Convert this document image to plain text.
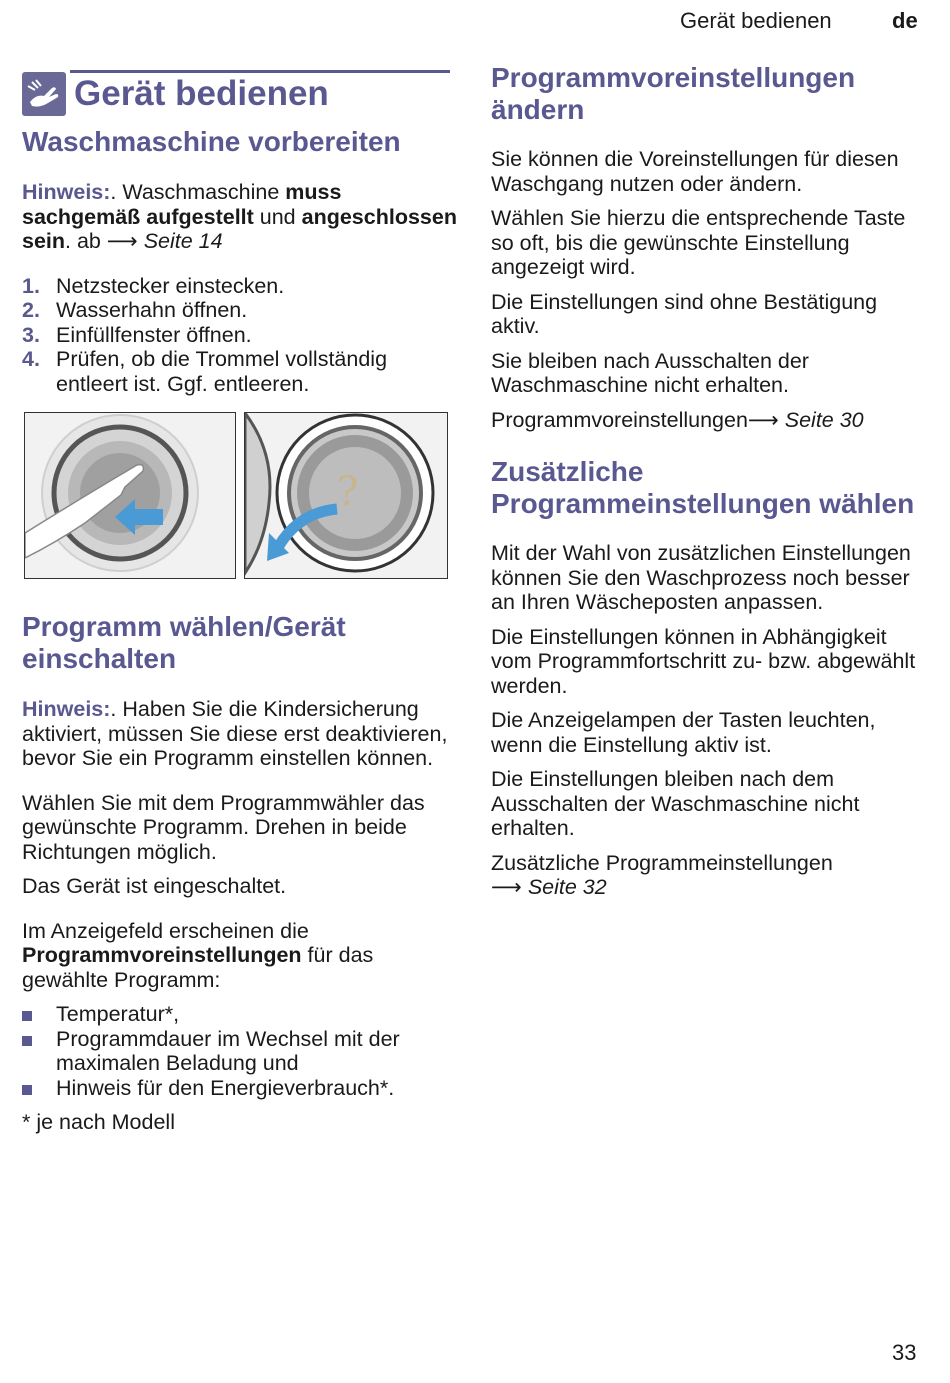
Gerät bedienen	de
Gerät bedienen
Waschmaschine vorbereiten

Hinweis:. Waschmaschine muss sachgemäß aufgestellt und angeschlossen sein. ab ⟶ Seite 14

1. Netzstecker einstecken.
2. Wasserhahn öffnen.
3. Einfüllfenster öffnen.
4. Prüfen, ob die Trommel vollständig entleert ist. Ggf. entleeren.
?
Programm wählen/Gerät einschalten

Hinweis:. Haben Sie die Kindersicherung aktiviert, müssen Sie diese erst deaktivieren, bevor Sie ein Programm einstellen können.

Wählen Sie mit dem Programmwähler das gewünschte Programm. Drehen in beide Richtungen möglich.

Das Gerät ist eingeschaltet.

Im Anzeigefeld erscheinen die Programmvoreinstellungen für das gewählte Programm:

Temperatur*,
Programmdauer im Wechsel mit der maximalen Beladung und
Hinweis für den Energieverbrauch*.

* je nach Modell

Programmvoreinstellungen ändern

Sie können die Voreinstellungen für diesen Waschgang nutzen oder ändern.

Wählen Sie hierzu die entsprechende Taste so oft, bis die gewünschte Einstellung angezeigt wird.

Die Einstellungen sind ohne Bestätigung aktiv.

Sie bleiben nach Ausschalten der Waschmaschine nicht erhalten.

Programmvoreinstellungen⟶ Seite 30

Zusätzliche Programmeinstellungen wählen

Mit der Wahl von zusätzlichen Einstellungen können Sie den Waschprozess noch besser an Ihren Wäscheposten anpassen.

Die Einstellungen können in Abhängigkeit vom Programmfortschritt zu- bzw. abgewählt werden.

Die Anzeigelampen der Tasten leuchten, wenn die Einstellung aktiv ist.

Die Einstellungen bleiben nach dem Ausschalten der Waschmaschine nicht erhalten.

Zusätzliche Programmeinstellungen
⟶ Seite 32

33
